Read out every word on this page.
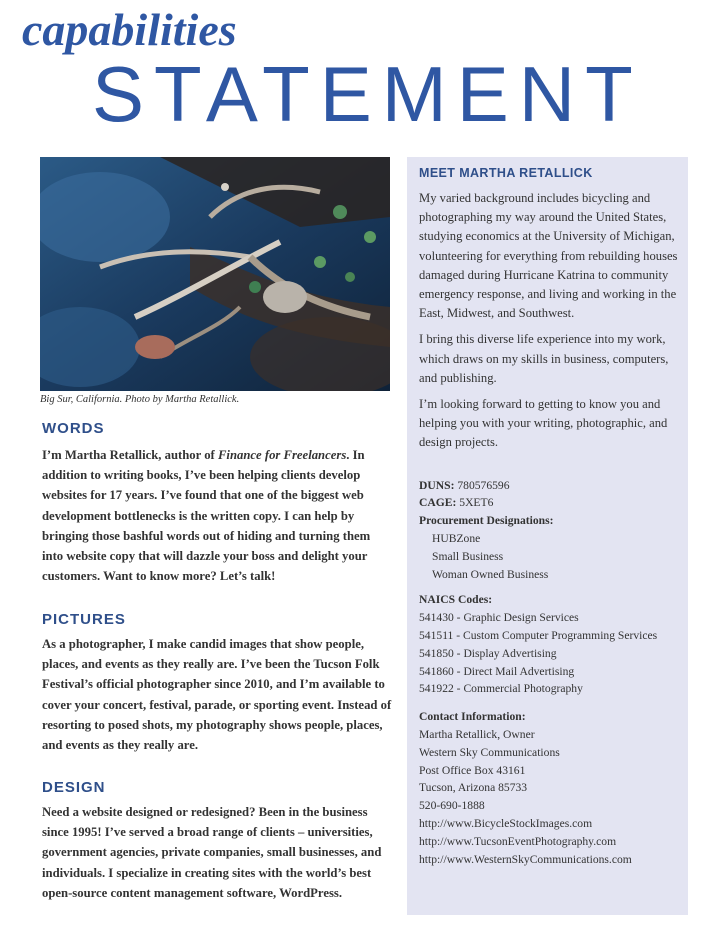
capabilities
STATEMENT
Big Sur, California. Photo by Martha Retallick.
WORDS

I’m Martha Retallick, author of Finance for Freelancers. In addition to writing books, I’ve been helping clients develop websites for 17 years. I’ve found that one of the biggest web development bottlenecks is the written copy. I can help by bringing those bashful words out of hiding and turning them into website copy that will dazzle your boss and delight your customers. Want to know more? Let’s talk!

PICTURES

As a photographer, I make candid images that show people, places, and events as they really are. I’ve been the Tucson Folk Festival’s official photographer since 2010, and I’m available to cover your concert, festival, parade, or sporting event. Instead of resorting to posed shots, my photography shows people, places, and events as they really are.

DESIGN

Need a website designed or redesigned? Been in the business since 1995! I’ve served a broad range of clients – universities, government agencies, private companies, small businesses, and individuals. I specialize in creating sites with the world’s best open-source content management software, WordPress.

MEET MARTHA RETALLICK

My varied background includes bicycling and photographing my way around the United States, studying economics at the University of Michigan, volunteering for everything from rebuilding houses damaged during Hurricane Katrina to community emergency response, and living and working in the East, Midwest, and Southwest.

I bring this diverse life experience into my work, which draws on my skills in business, computers, and publishing.

I’m looking forward to getting to know you and helping you with your writing, photographic, and design projects.

DUNS: 780576596
CAGE: 5XET6
Procurement Designations:
HUBZone
Small Business
Woman Owned Business
NAICS Codes:
541430 - Graphic Design Services
541511 - Custom Computer Programming Services
541850 - Display Advertising
541860 - Direct Mail Advertising
541922 - Commercial Photography
Contact Information:
Martha Retallick, Owner
Western Sky Communications
Post Office Box 43161
Tucson, Arizona 85733
520-690-1888
http://www.BicycleStockImages.com
http://www.TucsonEventPhotography.com
http://www.WesternSkyCommunications.com
